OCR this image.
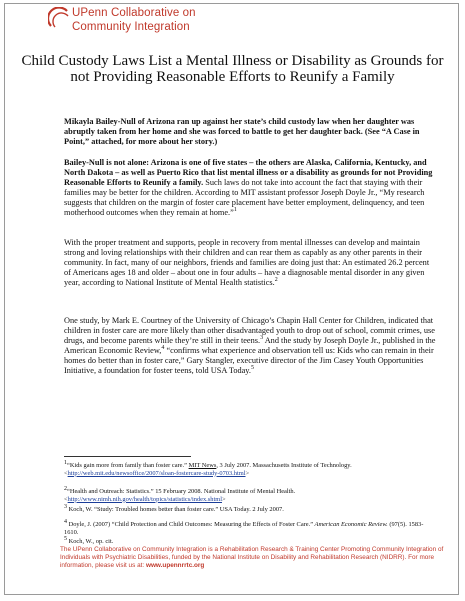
UPenn Collaborative on
Community Integration
Child Custody Laws List a Mental Illness or Disability as Grounds for not Providing Reasonable Efforts to Reunify a Family

Mikayla Bailey-Null of Arizona ran up against her state’s child custody law when her daughter was abruptly taken from her home and she was forced to battle to get her daughter back. (See “A Case in Point,” attached, for more about her story.)

Bailey-Null is not alone: Arizona is one of five states – the others are Alaska, California, Kentucky, and North Dakota – as well as Puerto Rico that list mental illness or a disability as grounds for not Providing Reasonable Efforts to Reunify a family. Such laws do not take into account the fact that staying with their families may be better for the children. According to MIT assistant professor Joseph Doyle Jr., “My research suggests that children on the margin of foster care placement have better employment, delinquency, and teen motherhood outcomes when they remain at home.”$^1$

With the proper treatment and supports, people in recovery from mental illnesses can develop and maintain strong and loving relationships with their children and can rear them as capably as any other parents in their community. In fact, many of our neighbors, friends and families are doing just that: An estimated 26.2 percent of Americans ages 18 and older – about one in four adults – have a diagnosable mental disorder in any given year, according to National Institute of Mental Health statistics.$^2$

One study, by Mark E. Courtney of the University of Chicago’s Chapin Hall Center for Children, indicated that children in foster care are more likely than other disadvantaged youth to drop out of school, commit crimes, use drugs, and become parents while they’re still in their teens.$^3$ And the study by Joseph Doyle Jr., published in the American Economic Review,$^4$ “confirms what experience and observation tell us: Kids who can remain in their homes do better than in foster care,” Gary Stangler, executive director of the Jim Casey Youth Opportunities Initiative, a foundation for foster teens, told USA Today.$^5$

$^1$“Kids gain more from family than foster care.” MIT News, 3 July 2007. Massachusetts Institute of Technology. <http://web.mit.edu/newsoffice/2007/sloan-fostercare-study-0703.html>

$^2$“Health and Outreach: Statistics.” 15 February 2008. National Institute of Mental Health. <http://www.nimh.nih.gov/health/topics/statistics/index.shtml>

$^3$ Koch, W. “Study: Troubled homes better than foster care.” USA Today. 2 July 2007.

$^4$ Doyle, J. (2007) “Child Protection and Child Outcomes: Measuring the Effects of Foster Care.” American Economic Review. (97(5). 1583-1610.

$^5$ Koch, W., op. cit.

The UPenn Collaborative on Community Integration is a Rehabilitation Research & Training Center Promoting Community Integration of Individuals with Psychiatric Disabilities, funded by the National Institute on Disability and Rehabilitation Research (NIDRR). For more information, please visit us at: www.upennrrtc.org
